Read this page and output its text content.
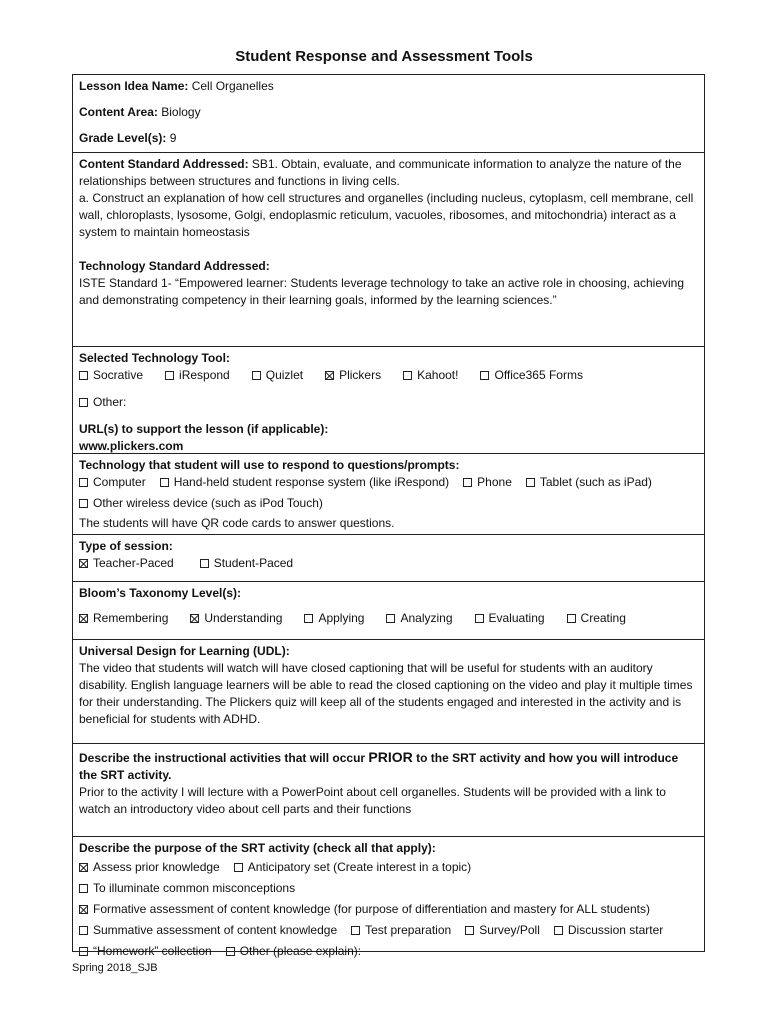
Student Response and Assessment Tools

Lesson Idea Name: Cell Organelles

Content Area: Biology

Grade Level(s): 9

Content Standard Addressed: SB1. Obtain, evaluate, and communicate information to analyze the nature of the relationships between structures and functions in living cells.

a. Construct an explanation of how cell structures and organelles (including nucleus, cytoplasm, cell membrane, cell wall, chloroplasts, lysosome, Golgi, endoplasmic reticulum, vacuoles, ribosomes, and mitochondria) interact as a system to maintain homeostasis

Technology Standard Addressed:

ISTE Standard 1- “Empowered learner: Students leverage technology to take an active role in choosing, achieving and demonstrating competency in their learning goals, informed by the learning sciences.”

Selected Technology Tool:

Socrative	iRespond	Quizlet	Plickers	Kahoot!	Office365 Forms
Other:

URL(s) to support the lesson (if applicable):

www.plickers.com

Technology that student will use to respond to questions/prompts:

Computer Hand-held student response system (like iRespond) Phone Tablet (such as iPad)
Other wireless device (such as iPod Touch)

The students will have QR code cards to answer questions.

Type of session:

Teacher-Paced	Student-Paced

Bloom’s Taxonomy Level(s):

Remembering	Understanding	Applying	Analyzing	Evaluating	Creating

Universal Design for Learning (UDL):

The video that students will watch will have closed captioning that will be useful for students with an auditory disability. English language learners will be able to read the closed captioning on the video and play it multiple times for their understanding. The Plickers quiz will keep all of the students engaged and interested in the activity and is beneficial for students with ADHD.

Describe the instructional activities that will occur PRIOR to the SRT activity and how you will introduce the SRT activity.

Prior to the activity I will lecture with a PowerPoint about cell organelles. Students will be provided with a link to watch an introductory video about cell parts and their functions

Describe the purpose of the SRT activity (check all that apply):

Assess prior knowledge Anticipatory set (Create interest in a topic)
To illuminate common misconceptions
Formative assessment of content knowledge (for purpose of differentiation and mastery for ALL students)
Summative assessment of content knowledge Test preparation Survey/Poll Discussion starter
“Homework” collection Other (please explain):
Spring 2018_SJB
